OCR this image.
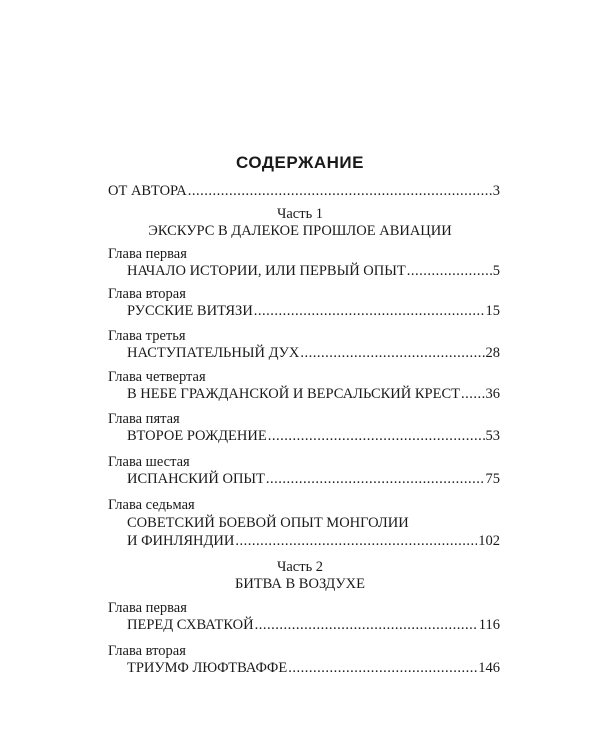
СОДЕРЖАНИЕ
ОТ АВТОРА .....	3
Часть 1
ЭКСКУРС В ДАЛЕКОЕ ПРОШЛОЕ АВИАЦИИ
Глава первая
НАЧАЛО ИСТОРИИ, ИЛИ ПЕРВЫЙ ОПЫТ .....	5
Глава вторая
РУССКИЕ ВИТЯЗИ .....	15
Глава третья
НАСТУПАТЕЛЬНЫЙ ДУХ .....	28
Глава четвертая
В НЕБЕ ГРАЖДАНСКОЙ И ВЕРСАЛЬСКИЙ КРЕСТ ..... 36
Глава пятая
ВТОРОЕ РОЖДЕНИЕ .....	53
Глава шестая
ИСПАНСКИЙ ОПЫТ .....	75
Глава седьмая
СОВЕТСКИЙ БОЕВОЙ ОПЫТ МОНГОЛИИ
И ФИНЛЯНДИИ .....	102
Часть 2
БИТВА В ВОЗДУХЕ
Глава первая
ПЕРЕД СХВАТКОЙ .....	116
Глава вторая
ТРИУМФ ЛЮФТВАФФЕ .....	146
